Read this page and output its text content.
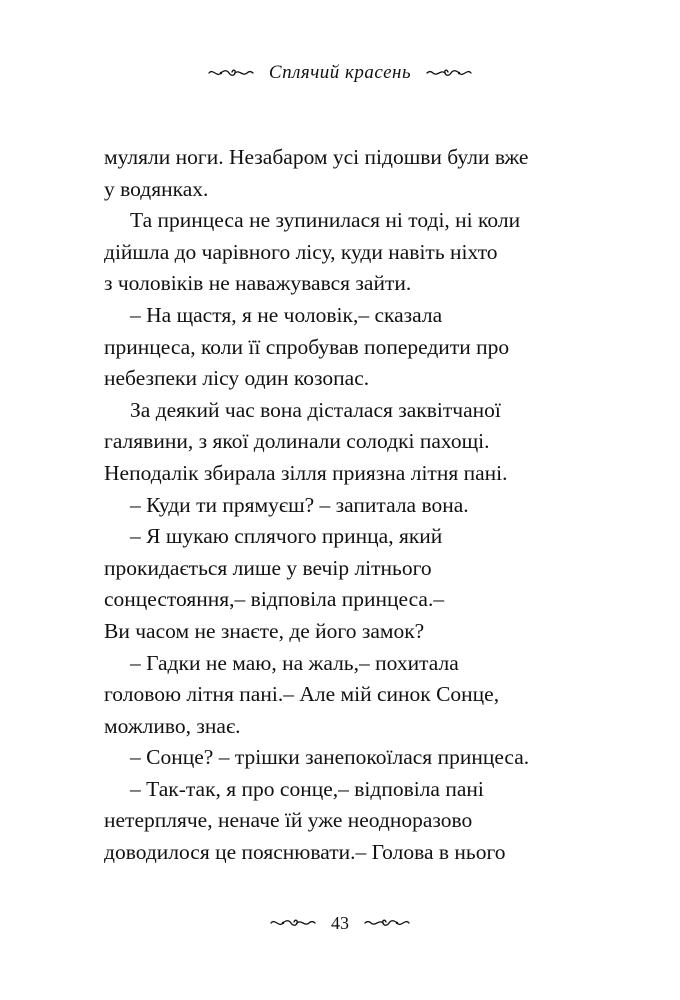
Сплячий красень
муляли ноги. Незабаром усі підошви були вже
у водянках.
Та принцеса не зупинилася ні тоді, ні коли
дійшла до чарівного лісу, куди навіть ніхто
з чоловіків не наважувався зайти.
– На щастя, я не чоловік,– сказала
принцеса, коли її спробував попередити про
небезпеки лісу один козопас.
За деякий час вона дісталася заквітчаної
галявини, з якої долинали солодкі пахощі.
Неподалік збирала зілля приязна літня пані.
– Куди ти прямуєш? – запитала вона.
– Я шукаю сплячого принца, який
прокидається лише у вечір літнього
сонцестояння,– відповіла принцеса.–
Ви часом не знаєте, де його замок?
– Гадки не маю, на жаль,– похитала
головою літня пані.– Але мій синок Сонце,
можливо, знає.
– Сонце? – трішки занепокоїлася принцеса.
– Так-так, я про сонце,– відповіла пані
нетерпляче, неначе їй уже неодноразово
доводилося це пояснювати.– Голова в нього
43
